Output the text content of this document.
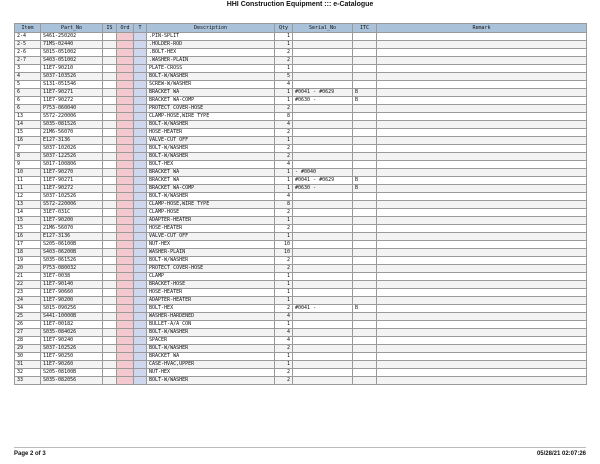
HHI Construction Equipment ::: e-Catalogue
Item	Part_No	IS	Ord	T	Description	Qty	Serial_No	ITC	Remark
2-4	S461-250202				.PIN-SPLIT	1			
2-5	71MS-02440				.HOLDER-ROD	1			
2-6	S015-051002				.BOLT-HEX	2			
2-7	S403-051002				.WASHER-PLAIN	2			
3	11E7-90210				PLATE-CROSS	1			
4	S037-103526				BOLT-W/WASHER	5			
5	S131-051546				SCREW-W/WASHER	4			
6	11E7-90271				BRACKET WA	1	#0041 - #0629	B	
6	11E7-90272				BRACKET WA-COMP	1	#0630 -	B	
6	P753-060040				PROTECT COVER-HOSE	2			
13	S572-220006				CLAMP-HOSE,WIRE TYPE	8			
14	S035-081526				BOLT-W/WASHER	4			
15	21M6-56070				HOSE-HEATER	2			
16	E127-3136				VALVE-CUT OFF	1			
7	S037-102026				BOLT-W/WASHER	2			
8	S037-122526				BOLT-W/WASHER	2			
9	S017-100806				BOLT-HEX	4			
10	11E7-90270				BRACKET WA	1	- #0040		
11	11E7-90271				BRACKET WA	1	#0041 - #0629	B	
11	11E7-90272				BRACKET WA-COMP	1	#0630 -	B	
12	S037-102526				BOLT-W/WASHER	4			
13	S572-220006				CLAMP-HOSE,WIRE TYPE	8			
14	31E7-031C				CLAMP-HOSE	2			
15	11E7-90200				ADAPTER-HEATER	1			
15	21M6-56070				HOSE-HEATER	2			
16	E127-3136				VALVE-CUT OFF	1			
17	S205-06100B				NUT-HEX	10			
18	S403-06200B				WASHER-PLAIN	10			
19	S035-061526				BOLT-W/WASHER	2			
20	P753-080032				PROTECT COVER-HOSE	2			
21	31E7-0038				CLAMP	1			
22	11E7-90140				BRACKET-HOSE	1			
23	11E7-90660				HOSE-HEATER	1			
24	11E7-90200				ADAPTER-HEATER	1			
34	S015-090256				BOLT-HEX	2	#0041 -	B	
25	S441-10000B				WASHER-HARDENED	4			
26	11E7-00182				BULLET-A/A CON	1			
27	S035-084026				BOLT-W/WASHER	4			
28	11E7-90240				SPACER	4			
29	S037-102526				BOLT-W/WASHER	2			
30	11E7-90250				BRACKET WA	1			
31	11E7-90260				CASE-HVAC,UPPER	1			
32	S205-08100B				NUT-HEX	2			
33	S035-082056				BOLT-W/WASHER	2			
Page 2 of 3	05/28/21 02:07:26
